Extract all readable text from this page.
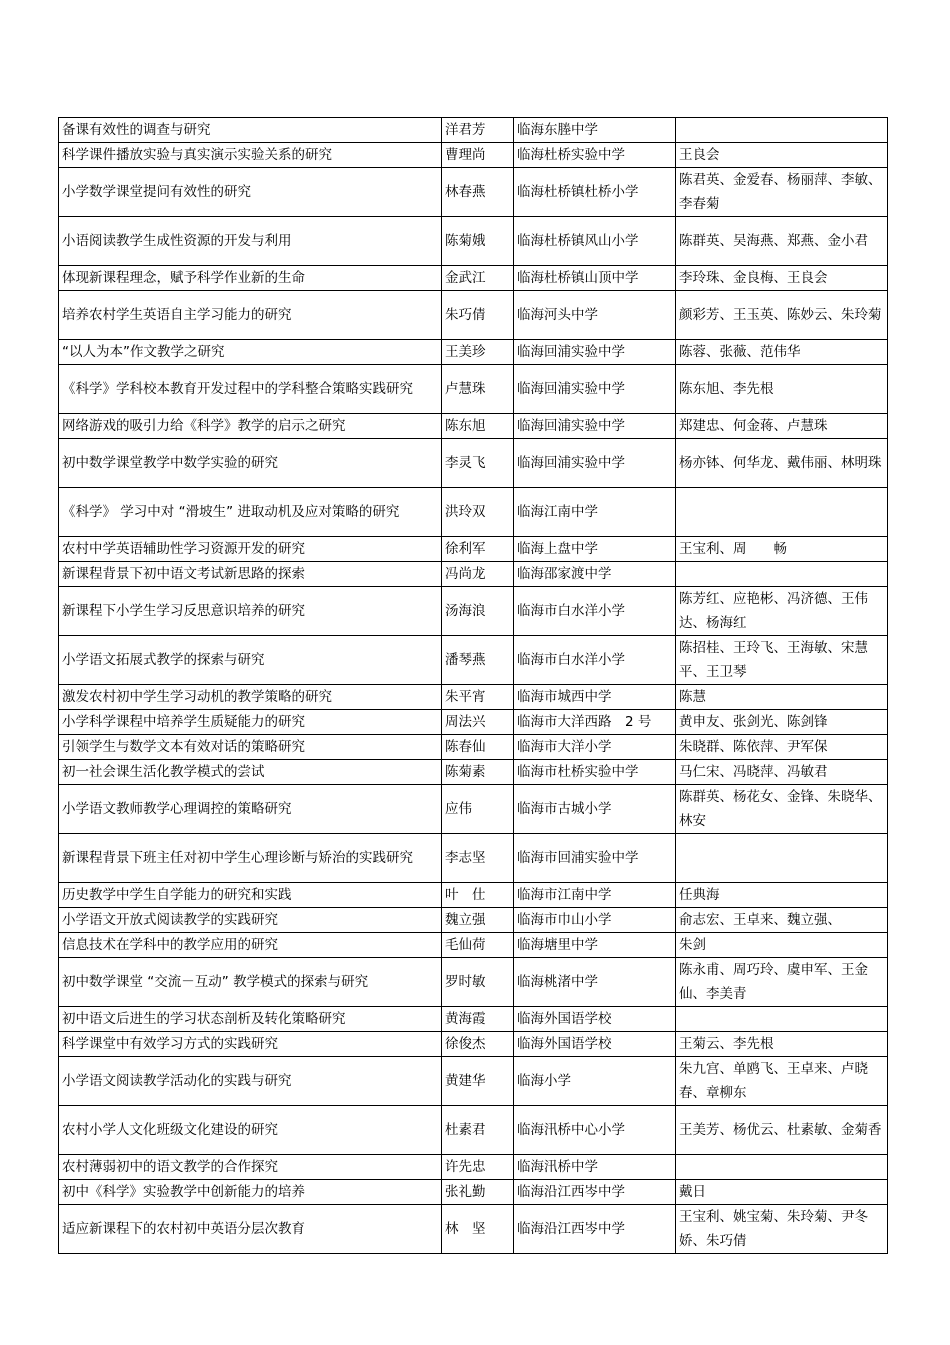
备课有效性的调查与研究	洋君芳	临海东塍中学	
科学课件播放实验与真实演示实验关系的研究	曹理尚	临海杜桥实验中学	王良会
小学数学课堂提问有效性的研究	林春燕	临海杜桥镇杜桥小学	陈君英、金爱春、杨丽萍、李敏、李春菊
小语阅读教学生成性资源的开发与利用	陈菊娥	临海杜桥镇风山小学	陈群英、吴海燕、郑燕、金小君
体现新课程理念，赋予科学作业新的生命	金武江	临海杜桥镇山顶中学	李玲珠、金良梅、王良会
培养农村学生英语自主学习能力的研究	朱巧倩	临海河头中学	颜彩芳、王玉英、陈妙云、朱玲菊
“以人为本”作文教学之研究	王美珍	临海回浦实验中学	陈蓉、张薇、范伟华
《科学》学科校本教育开发过程中的学科整合策略实践研究	卢慧珠	临海回浦实验中学	陈东旭、李先根
网络游戏的吸引力给《科学》教学的启示之研究	陈东旭	临海回浦实验中学	郑建忠、何金蒋、卢慧珠
初中数学课堂教学中数学实验的研究	李灵飞	临海回浦实验中学	杨亦钵、何华龙、戴伟丽、林明珠
《科学》 学习中对 “滑坡生” 进取动机及应对策略的研究	洪玲双	临海江南中学	
农村中学英语辅助性学习资源开发的研究	徐利军	临海上盘中学	王宝利、周　　畅
新课程背景下初中语文考试新思路的探索	冯尚龙	临海邵家渡中学	
新课程下小学生学习反思意识培养的研究	汤海浪	临海市白水洋小学	陈芳红、应艳彬、冯济德、王伟达、杨海红
小学语文拓展式教学的探索与研究	潘琴燕	临海市白水洋小学	陈招桂、王玲飞、王海敏、宋慧平、王卫琴
激发农村初中学生学习动机的教学策略的研究	朱平宵	临海市城西中学	陈慧
小学科学课程中培养学生质疑能力的研究	周法兴	临海市大洋西路　2 号	黄申友、张剑光、陈剑锋
引领学生与数学文本有效对话的策略研究	陈春仙	临海市大洋小学	朱晓群、陈依萍、尹军保
初一社会课生活化教学模式的尝试	陈菊素	临海市杜桥实验中学	马仁宋、冯晓萍、冯敏君
小学语文教师教学心理调控的策略研究	应伟	临海市古城小学	陈群英、杨花女、金锋、朱晓华、林安
新课程背景下班主任对初中学生心理诊断与矫治的实践研究	李志坚	临海市回浦实验中学	
历史教学中学生自学能力的研究和实践	叶　仕	临海市江南中学	任典海
小学语文开放式阅读教学的实践研究	魏立强	临海市巾山小学	俞志宏、王卓来、魏立强、
信息技术在学科中的教学应用的研究	毛仙荷	临海塘里中学	朱剑
初中数学课堂 “交流－互动” 教学模式的探索与研究	罗时敏	临海桃渚中学	陈永甫、周巧玲、虞申军、王金仙、李美青
初中语文后进生的学习状态剖析及转化策略研究	黄海霞	临海外国语学校	
科学课堂中有效学习方式的实践研究	徐俊杰	临海外国语学校	王菊云、李先根
小学语文阅读教学活动化的实践与研究	黄建华	临海小学	朱九宫、单鸥飞、王卓来、卢晓春、章柳东
农村小学人文化班级文化建设的研究	杜素君	临海汛桥中心小学	王美芳、杨优云、杜素敏、金菊香
农村薄弱初中的语文教学的合作探究	许先忠	临海汛桥中学	
初中《科学》实验教学中创新能力的培养	张礼勤	临海沿江西岑中学	戴日
适应新课程下的农村初中英语分层次教育	林　坚	临海沿江西岑中学	王宝利、姚宝菊、朱玲菊、尹冬娇、朱巧倩
